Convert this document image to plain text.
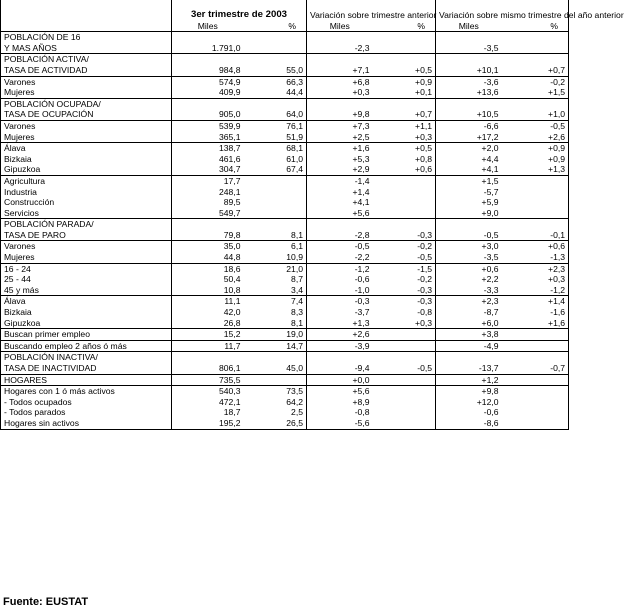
	3er trimestre de 2003		Variación sobre trimestre anterior		Variación sobre mismo trimestre del año anterior	
	Miles	%	Miles	%	Miles	%
POBLACIÓN DE 16						
Y MAS AÑOS	1.791,0		-2,3		-3,5	
POBLACIÓN ACTIVA/						
TASA DE ACTIVIDAD	984,8	55,0	+7,1	+0,5	+10,1	+0,7
Varones	574,9	66,3	+6,8	+0,9	-3,6	-0,2
Mujeres	409,9	44,4	+0,3	+0,1	+13,6	+1,5
POBLACIÓN OCUPADA/						
TASA DE OCUPACIÓN	905,0	64,0	+9,8	+0,7	+10,5	+1,0
Varones	539,9	76,1	+7,3	+1,1	-6,6	-0,5
Mujeres	365,1	51,9	+2,5	+0,3	+17,2	+2,6
Álava	138,7	68,1	+1,6	+0,5	+2,0	+0,9
Bizkaia	461,6	61,0	+5,3	+0,8	+4,4	+0,9
Gipuzkoa	304,7	67,4	+2,9	+0,6	+4,1	+1,3
Agricultura	17,7		-1,4		+1,5	
Industria	248,1		+1,4		-5,7	
Construcción	89,5		+4,1		+5,9	
Servicios	549,7		+5,6		+9,0	
POBLACIÓN PARADA/						
TASA DE PARO	79,8	8,1	-2,8	-0,3	-0,5	-0,1
Varones	35,0	6,1	-0,5	-0,2	+3,0	+0,6
Mujeres	44,8	10,9	-2,2	-0,5	-3,5	-1,3
16 - 24	18,6	21,0	-1,2	-1,5	+0,6	+2,3
25 - 44	50,4	8,7	-0,6	-0,2	+2,2	+0,3
45 y más	10,8	3,4	-1,0	-0,3	-3,3	-1,2
Álava	11,1	7,4	-0,3	-0,3	+2,3	+1,4
Bizkaia	42,0	8,3	-3,7	-0,8	-8,7	-1,6
Gipuzkoa	26,8	8,1	+1,3	+0,3	+6,0	+1,6
Buscan primer empleo	15,2	19,0	+2,6		+3,8	
Buscando empleo 2 años ó más	11,7	14,7	-3,9		-4,9	
POBLACIÓN INACTIVA/						
TASA DE INACTIVIDAD	806,1	45,0	-9,4	-0,5	-13,7	-0,7
HOGARES	735,5		+0,0		+1,2	
Hogares con 1 ó más activos	540,3	73,5	+5,6		+9,8	
- Todos ocupados	472,1	64,2	+8,9		+12,0	
- Todos parados	18,7	2,5	-0,8		-0,6	
Hogares sin activos	195,2	26,5	-5,6		-8,6	
Fuente: EUSTAT
